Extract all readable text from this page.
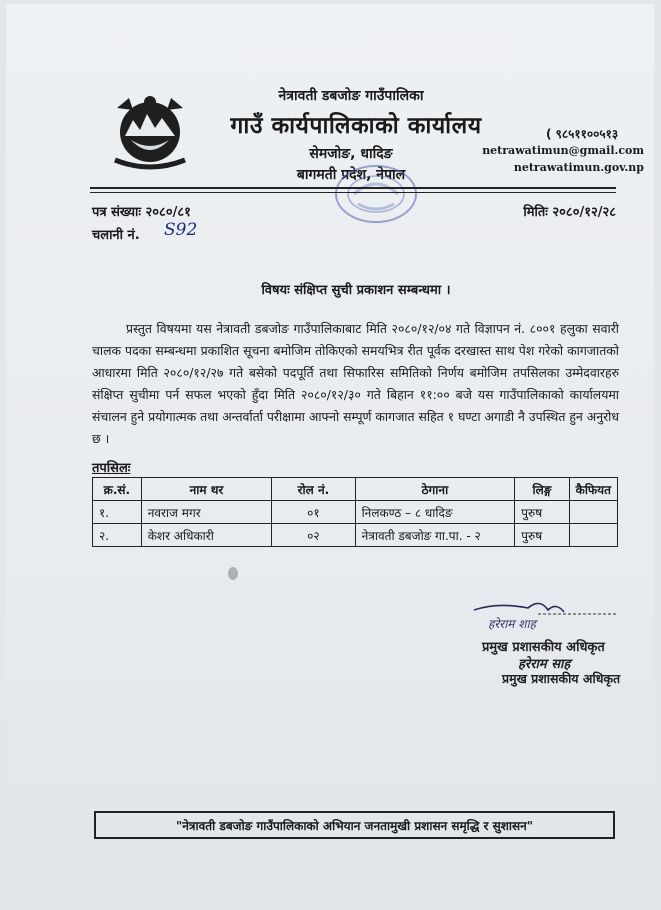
नेत्रावती डबजोङ गाउँपालिका
गाउँ कार्यपालिकाको कार्यालय
सेमजोङ, धादिङ
बागमती प्रदेश, नेपाल
( ९८५११००५१३
netrawatimun@gmail.com
netrawatimun.gov.np
पत्र संख्याः २०८०/८१	मितिः २०८०/१२/२८
चलानी नं. S92
विषयः संक्षिप्त सुची प्रकाशन सम्बन्धमा ।
प्रस्तुत विषयमा यस नेत्रावती डबजोङ गाउँपालिकाबाट मिति २०८०/१२/०४ गते विज्ञापन नं. ८००१ हलुका सवारी चालक पदका सम्बन्धमा प्रकाशित सूचना बमोजिम तोकिएको समयभित्र रीत पूर्वक दरखास्त साथ पेश गरेको कागजातको आधारमा मिति २०८०/१२/२७ गते बसेको पदपूर्ति तथा सिफारिस समितिको निर्णय बमोजिम तपसिलका उम्मेदवारहरु संक्षिप्त सुचीमा पर्न सफल भएको हुँदा मिति २०८०/१२/३० गते बिहान ११:०० बजे यस गाउँपालिकाको कार्यालयमा संचालन हुने प्रयोगात्मक तथा अन्तर्वार्ता परीक्षामा आफ्नो सम्पूर्ण कागजात सहित १ घण्टा अगाडी नै उपस्थित हुन अनुरोध छ ।
तपसिलः
क्र.सं.	नाम थर	रोल नं.	ठेगाना	लिङ्ग	कैफियत
१.	नवराज मगर	०१	निलकण्ठ – ८ धादिङ	पुरुष	
२.	केशर अधिकारी	०२	नेत्रावती डबजोङ गा.पा. - २	पुरुष	
हरेराम शाह
प्रमुख प्रशासकीय अधिकृत
हरेराम साह
प्रमुख प्रशासकीय अधिकृत
"नेत्रावती डबजोङ गाउँपालिकाको अभियान जनतामुखी प्रशासन समृद्धि र सुशासन"
